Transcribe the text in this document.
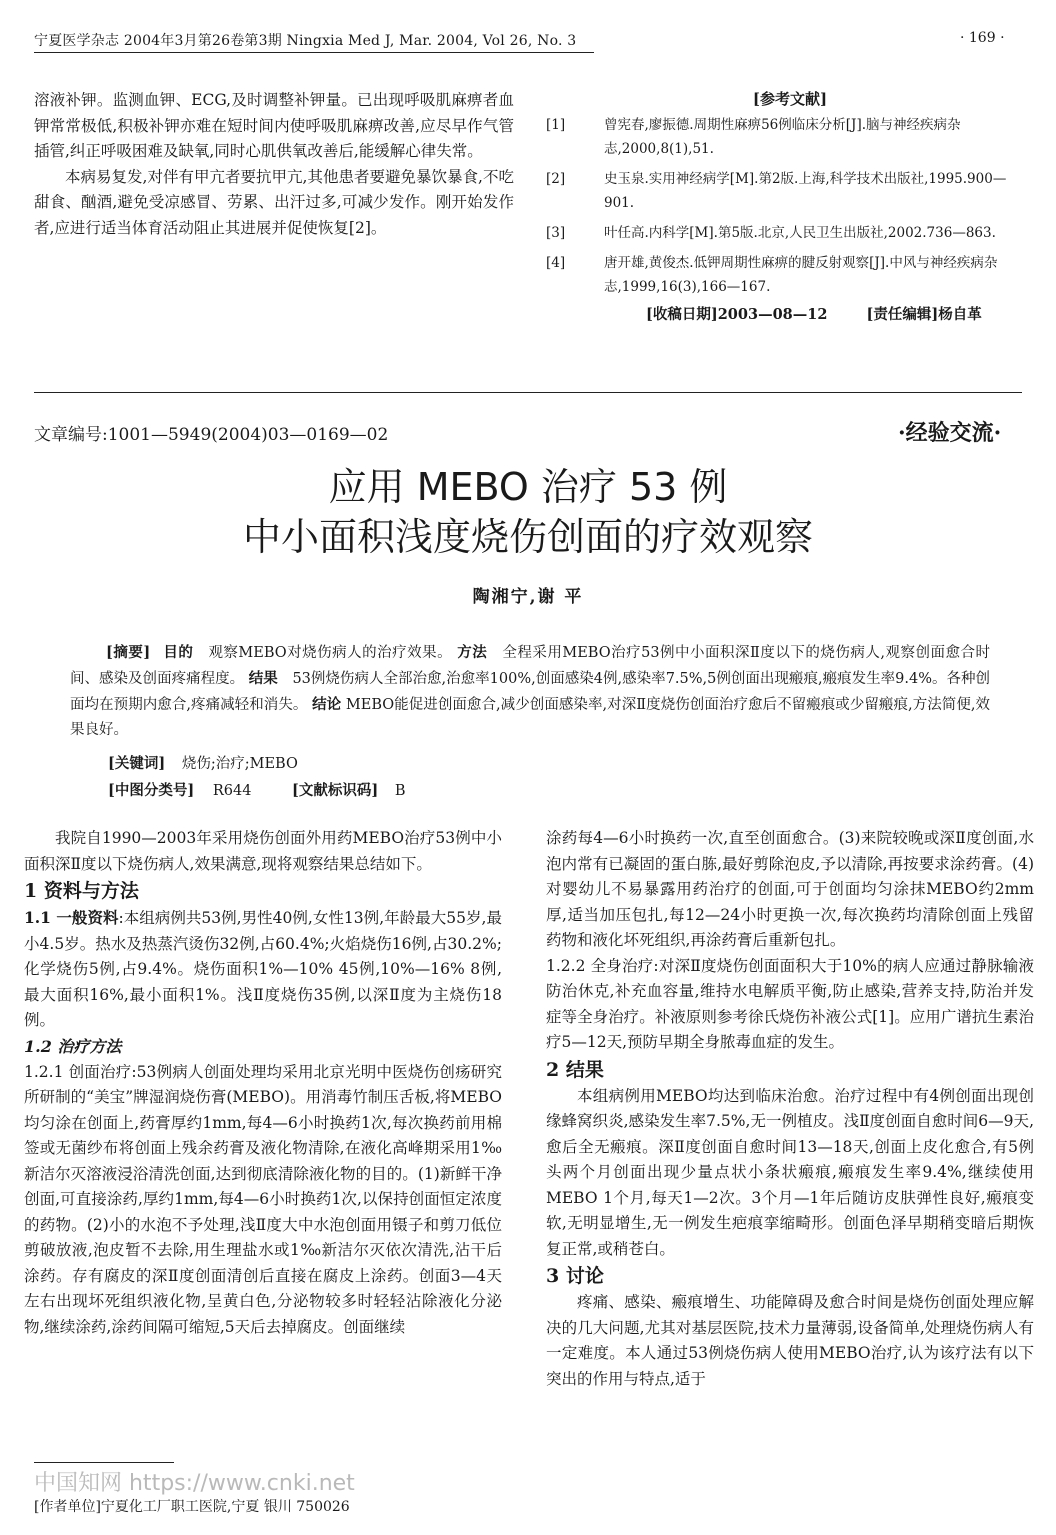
宁夏医学杂志 2004年3月第26卷第3期 Ningxia Med J, Mar. 2004, Vol 26, No. 3	· 169 ·
溶液补钾。监测血钾、ECG,及时调整补钾量。已出现呼吸肌麻痹者血钾常常极低,积极补钾亦难在短时间内使呼吸肌麻痹改善,应尽早作气管插管,纠正呼吸困难及缺氧,同时心肌供氧改善后,能缓解心律失常。
本病易复发,对伴有甲亢者要抗甲亢,其他患者要避免暴饮暴食,不吃甜食、酗酒,避免受凉感冒、劳累、出汗过多,可减少发作。刚开始发作者,应进行适当体育活动阻止其进展并促使恢复[2]。
[参考文献]
[1]	曾宪春,廖振德.周期性麻痹56例临床分析[J].脑与神经疾病杂志,2000,8(1),51.
[2]	史玉泉.实用神经病学[M].第2版.上海,科学技术出版社,1995.900—901.
[3]	叶任高.内科学[M].第5版.北京,人民卫生出版社,2002.736—863.
[4]	唐开雄,黄俊杰.低钾周期性麻痹的腱反射观察[J].中风与神经疾病杂志,1999,16(3),166—167.
[收稿日期]2003—08—12	[责任编辑]杨自革
文章编号:1001—5949(2004)03—0169—02	·经验交流·
应用 MEBO 治疗 53 例
中小面积浅度烧伤创面的疗效观察
陶湘宁,谢 平
[摘要] 目的 观察MEBO对烧伤病人的治疗效果。 方法 全程采用MEBO治疗53例中小面积深Ⅱ度以下的烧伤病人,观察创面愈合时间、感染及创面疼痛程度。 结果 53例烧伤病人全部治愈,治愈率100%,创面感染4例,感染率7.5%,5例创面出现瘢痕,瘢痕发生率9.4%。各种创面均在预期内愈合,疼痛减轻和消失。 结论 MEBO能促进创面愈合,减少创面感染率,对深Ⅱ度烧伤创面治疗愈后不留瘢痕或少留瘢痕,方法简便,效果良好。
[关键词] 烧伤;治疗;MEBO
[中图分类号] R644	[文献标识码] B
我院自1990—2003年采用烧伤创面外用药MEBO治疗53例中小面积深Ⅱ度以下烧伤病人,效果满意,现将观察结果总结如下。
1 资料与方法
1.1 一般资料:本组病例共53例,男性40例,女性13例,年龄最大55岁,最小4.5岁。热水及热蒸汽烫伤32例,占60.4%;火焰烧伤16例,占30.2%;化学烧伤5例,占9.4%。烧伤面积1%—10% 45例,10%—16% 8例,最大面积16%,最小面积1%。浅Ⅱ度烧伤35例,以深Ⅱ度为主烧伤18例。
1.2 治疗方法
1.2.1 创面治疗:53例病人创面处理均采用北京光明中医烧伤创疡研究所研制的“美宝”牌湿润烧伤膏(MEBO)。用消毒竹制压舌板,将MEBO均匀涂在创面上,药膏厚约1mm,每4—6小时换药1次,每次换药前用棉签或无菌纱布将创面上残余药膏及液化物清除,在液化高峰期采用1‰新洁尔灭溶液浸浴清洗创面,达到彻底清除液化物的目的。(1)新鲜干净创面,可直接涂药,厚约1mm,每4—6小时换药1次,以保持创面恒定浓度的药物。(2)小的水泡不予处理,浅Ⅱ度大中水泡创面用镊子和剪刀低位剪破放液,泡皮暂不去除,用生理盐水或1‰新洁尔灭依次清洗,沾干后涂药。存有腐皮的深Ⅱ度创面清创后直接在腐皮上涂药。创面3—4天左右出现坏死组织液化物,呈黄白色,分泌物较多时轻轻沾除液化分泌物,继续涂药,涂药间隔可缩短,5天后去掉腐皮。创面继续
涂药每4—6小时换药一次,直至创面愈合。(3)来院较晚或深Ⅱ度创面,水泡内常有已凝固的蛋白胨,最好剪除泡皮,予以清除,再按要求涂药膏。(4)对婴幼儿不易暴露用药治疗的创面,可于创面均匀涂抹MEBO约2mm厚,适当加压包扎,每12—24小时更换一次,每次换药均清除创面上残留药物和液化坏死组织,再涂药膏后重新包扎。
1.2.2 全身治疗:对深Ⅱ度烧伤创面面积大于10%的病人应通过静脉输液防治休克,补充血容量,维持水电解质平衡,防止感染,营养支持,防治并发症等全身治疗。补液原则参考徐氏烧伤补液公式[1]。应用广谱抗生素治疗5—12天,预防早期全身脓毒血症的发生。
2 结果
本组病例用MEBO均达到临床治愈。治疗过程中有4例创面出现创缘蜂窝织炎,感染发生率7.5%,无一例植皮。浅Ⅱ度创面自愈时间6—9天,愈后全无瘢痕。深Ⅱ度创面自愈时间13—18天,创面上皮化愈合,有5例头两个月创面出现少量点状小条状瘢痕,瘢痕发生率9.4%,继续使用MEBO 1个月,每天1—2次。3个月—1年后随访皮肤弹性良好,瘢痕变软,无明显增生,无一例发生疤痕挛缩畸形。创面色泽早期稍变暗后期恢复正常,或稍苍白。
3 讨论
疼痛、感染、瘢痕增生、功能障碍及愈合时间是烧伤创面处理应解决的几大问题,尤其对基层医院,技术力量薄弱,设备简单,处理烧伤病人有一定难度。本人通过53例烧伤病人使用MEBO治疗,认为该疗法有以下突出的作用与特点,适于
中国知网 https://www.cnki.net
[作者单位]宁夏化工厂职工医院,宁夏 银川 750026
